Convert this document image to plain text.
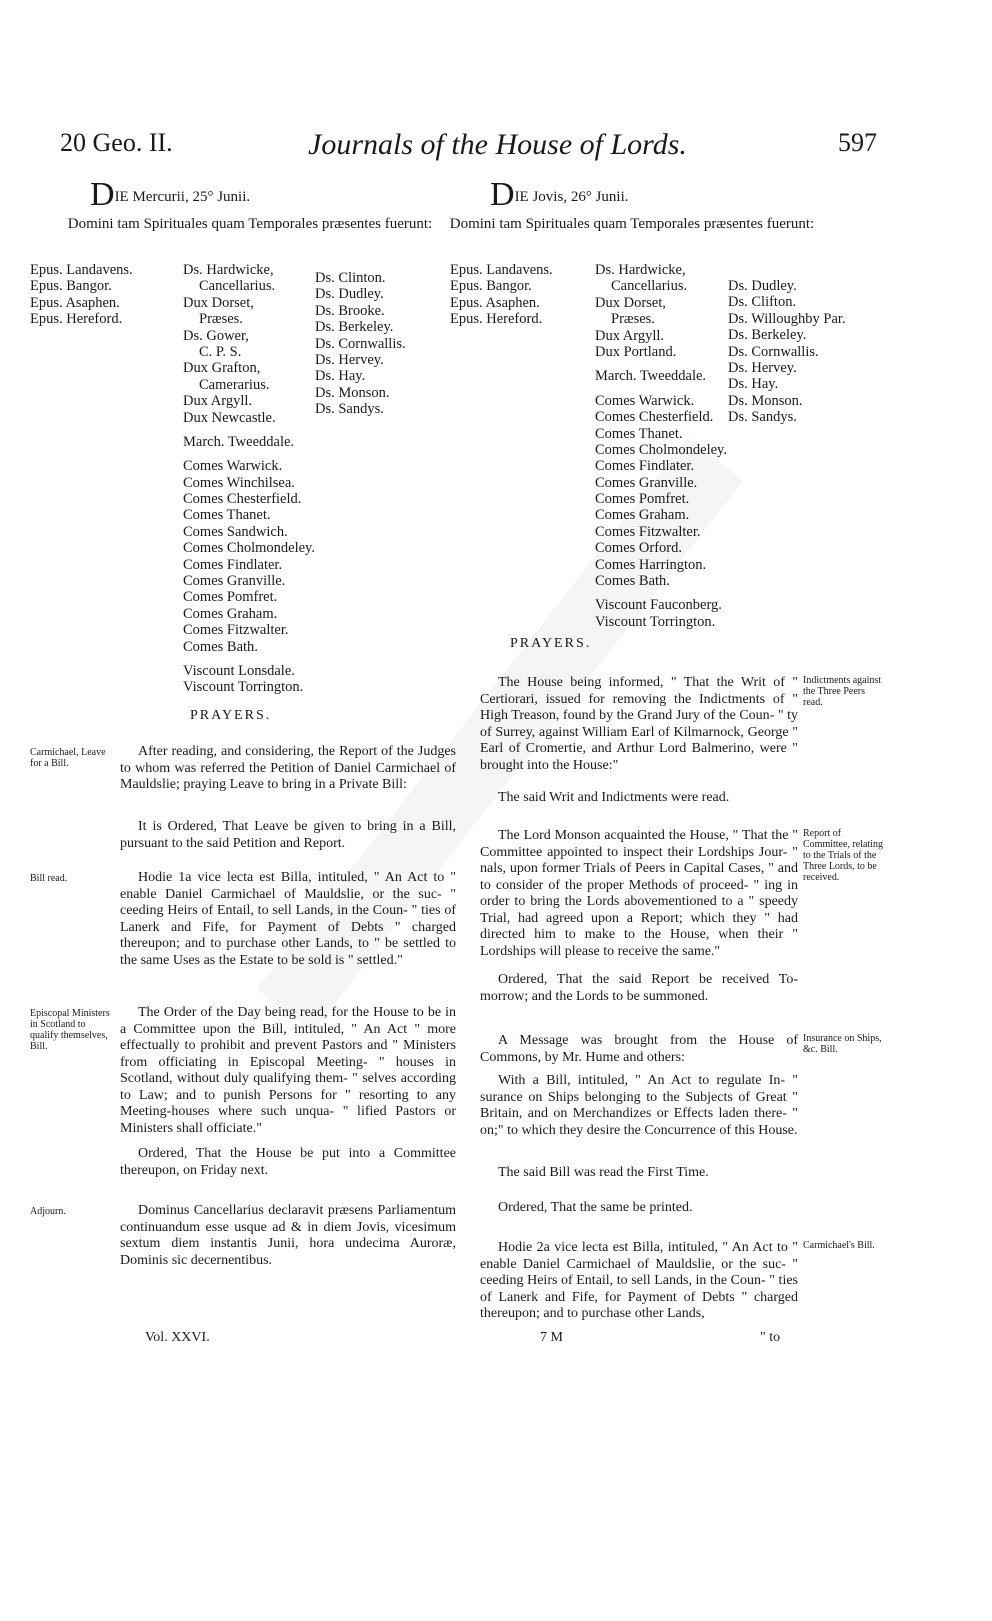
20 Geo. II.	Journals of the House of Lords.	597
DIE Mercurii, 25° Junii.
Domini tam Spirituales quam Temporales præsentes fuerunt:
Epus. Landavens.
Epus. Bangor.
Epus. Asaphen.
Epus. Hereford.
Ds. Hardwicke,
Cancellarius.
Dux Dorset,
Præses.
Ds. Gower,
C. P. S.
Dux Grafton,
Camerarius.
Dux Argyll.
Dux Newcastle.
March. Tweeddale.
Comes Warwick.
Comes Winchilsea.
Comes Chesterfield.
Comes Thanet.
Comes Sandwich.
Comes Cholmondeley.
Comes Findlater.
Comes Granville.
Comes Pomfret.
Comes Graham.
Comes Fitzwalter.
Comes Bath.
Viscount Lonsdale.
Viscount Torrington.
Ds. Clinton.
Ds. Dudley.
Ds. Brooke.
Ds. Berkeley.
Ds. Cornwallis.
Ds. Hervey.
Ds. Hay.
Ds. Monson.
Ds. Sandys.
PRAYERS.
Carmichael, Leave for a Bill.
After reading, and considering, the Report of the Judges to whom was referred the Petition of Daniel Carmichael of Mauldslie; praying Leave to bring in a Private Bill:
It is Ordered, That Leave be given to bring in a Bill, pursuant to the said Petition and Report.
Bill read.	Hodie 1a vice lecta est Billa, intituled, " An Act to " enable Daniel Carmichael of Mauldslie, or the suc- " ceeding Heirs of Entail, to sell Lands, in the Coun- " ties of Lanerk and Fife, for Payment of Debts " charged thereupon; and to purchase other Lands, to " be settled to the same Uses as the Estate to be sold is " settled."
Episcopal Ministers in Scotland to qualify themselves, Bill.
The Order of the Day being read, for the House to be in a Committee upon the Bill, intituled, " An Act " more effectually to prohibit and prevent Pastors and " Ministers from officiating in Episcopal Meeting- " houses in Scotland, without duly qualifying them- " selves according to Law; and to punish Persons for " resorting to any Meeting-houses where such unqua- " lified Pastors or Ministers shall officiate."
Ordered, That the House be put into a Committee thereupon, on Friday next.
Adjourn.	Dominus Cancellarius declaravit præsens Parliamentum continuandum esse usque ad & in diem Jovis, vicesimum sextum diem instantis Junii, hora undecima Auroræ, Dominis sic decernentibus.
Vol. XXVI.
DIE Jovis, 26° Junii.
Domini tam Spirituales quam Temporales præsentes fuerunt:
Epus. Landavens.
Epus. Bangor.
Epus. Asaphen.
Epus. Hereford.
Ds. Hardwicke,
Cancellarius.
Dux Dorset,
Præses.
Dux Argyll.
Dux Portland.
March. Tweeddale.
Comes Warwick.
Comes Chesterfield.
Comes Thanet.
Comes Cholmondeley.
Comes Findlater.
Comes Granville.
Comes Pomfret.
Comes Graham.
Comes Fitzwalter.
Comes Orford.
Comes Harrington.
Comes Bath.
Viscount Fauconberg.
Viscount Torrington.
Ds. Dudley.
Ds. Clifton.
Ds. Willoughby Par.
Ds. Berkeley.
Ds. Cornwallis.
Ds. Hervey.
Ds. Hay.
Ds. Monson.
Ds. Sandys.
PRAYERS.
The House being informed, " That the Writ of " Certiorari, issued for removing the Indictments of " High Treason, found by the Grand Jury of the Coun- " ty of Surrey, against William Earl of Kilmarnock, George " Earl of Cromertie, and Arthur Lord Balmerino, were " brought into the House:"
Indictments against the Three Peers read.
The said Writ and Indictments were read.
The Lord Monson acquainted the House, " That the " Committee appointed to inspect their Lordships Jour- " nals, upon former Trials of Peers in Capital Cases, " and to consider of the proper Methods of proceed- " ing in order to bring the Lords abovementioned to a " speedy Trial, had agreed upon a Report; which they " had directed him to make to the House, when their " Lordships will please to receive the same."
Report of Committee, relating to the Trials of the Three Lords, to be received.
Ordered, That the said Report be received To-morrow; and the Lords to be summoned.
A Message was brought from the House of Commons, by Mr. Hume and others:
Insurance on Ships, &c. Bill.
With a Bill, intituled, " An Act to regulate In- " surance on Ships belonging to the Subjects of Great " Britain, and on Merchandizes or Effects laden there- " on;" to which they desire the Concurrence of this House.
The said Bill was read the First Time.
Ordered, That the same be printed.
Hodie 2a vice lecta est Billa, intituled, " An Act to " enable Daniel Carmichael of Mauldslie, or the suc- " ceeding Heirs of Entail, to sell Lands, in the Coun- " ties of Lanerk and Fife, for Payment of Debts " charged thereupon; and to purchase other Lands,
Carmichael's Bill.
7 M	" to
